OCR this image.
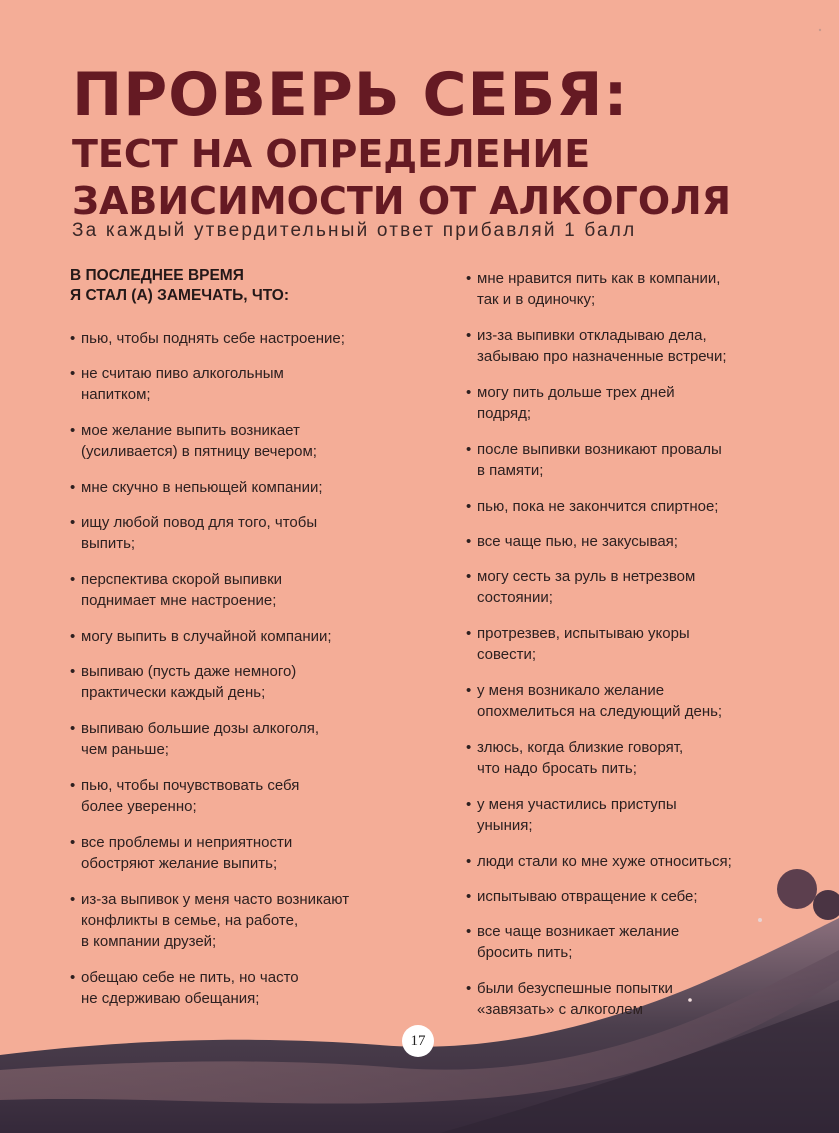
ПРОВЕРЬ СЕБЯ:
ТЕСТ НА ОПРЕДЕЛЕНИЕ
ЗАВИСИМОСТИ ОТ АЛКОГОЛЯ
За каждый утвердительный ответ прибавляй 1 балл
В ПОСЛЕДНЕЕ ВРЕМЯ
Я СТАЛ (А) ЗАМЕЧАТЬ, ЧТО:
• пью, чтобы поднять себе настроение;
• не считаю пиво алкогольным
напитком;
• мое желание выпить возникает
(усиливается) в пятницу вечером;
• мне скучно в непьющей компании;
• ищу любой повод для того, чтобы
выпить;
• перспектива скорой выпивки
поднимает мне настроение;
• могу выпить в случайной компании;
• выпиваю (пусть даже немного)
практически каждый день;
• выпиваю большие дозы алкоголя,
чем раньше;
• пью, чтобы почувствовать себя
более уверенно;
• все проблемы и неприятности
обостряют желание выпить;
• из-за выпивок у меня часто возникают
конфликты в семье, на работе,
в компании друзей;
• обещаю себе не пить, но часто
не сдерживаю обещания;
• мне нравится пить как в компании,
так и в одиночку;
• из-за выпивки откладываю дела,
забываю про назначенные встречи;
• могу пить дольше трех дней
подряд;
• после выпивки возникают провалы
в памяти;
• пью, пока не закончится спиртное;
• все чаще пью, не закусывая;
• могу сесть за руль в нетрезвом
состоянии;
• протрезвев, испытываю укоры
совести;
• у меня возникало желание
опохмелиться на следующий день;
• злюсь, когда близкие говорят,
что надо бросать пить;
• у меня участились приступы
уныния;
• люди стали ко мне хуже относиться;
• испытываю отвращение к себе;
• все чаще возникает желание
бросить пить;
• были безуспешные попытки
«завязать» с алкоголем
17
